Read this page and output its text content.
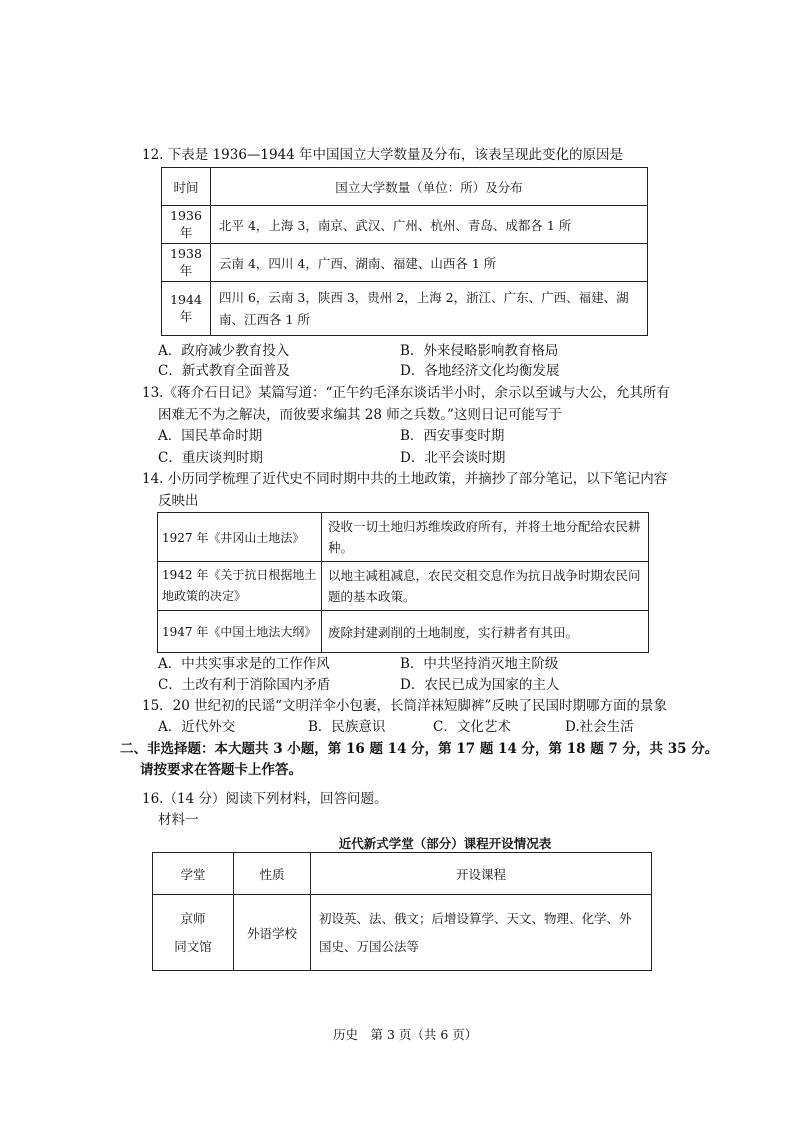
12. 下表是 1936—1944 年中国国立大学数量及分布，该表呈现此变化的原因是
时间	国立大学数量（单位：所）及分布
1936 年	北平 4，上海 3，南京、武汉、广州、杭州、青岛、成都各 1 所
1938 年	云南 4，四川 4，广西、湖南、福建、山西各 1 所
1944 年	四川 6，云南 3，陕西 3，贵州 2，上海 2，浙江、广东、广西、福建、湖南、江西各 1 所
A．政府减少教育投入	B．外来侵略影响教育格局
C．新式教育全面普及	D．各地经济文化均衡发展
13.《蒋介石日记》某篇写道：“正午约毛泽东谈话半小时，余示以至诚与大公，允其所有
困难无不为之解决，而彼要求编其 28 师之兵数。”这则日记可能写于
A．国民革命时期	B．西安事变时期
C．重庆谈判时期	D．北平会谈时期
14. 小历同学梳理了近代史不同时期中共的土地政策，并摘抄了部分笔记，以下笔记内容
反映出
1927 年《井冈山土地法》	没收一切土地归苏维埃政府所有，并将土地分配给农民耕种。
1942 年《关于抗日根据地土地政策的决定》	以地主减租减息，农民交租交息作为抗日战争时期农民问题的基本政策。
1947 年《中国土地法大纲》	废除封建剥削的土地制度，实行耕者有其田。
A．中共实事求是的工作作风	B．中共坚持消灭地主阶级
C．土改有利于消除国内矛盾	D．农民已成为国家的主人
15．20 世纪初的民谣“文明洋伞小包裹，长筒洋袜短脚裤”反映了民国时期哪方面的景象
A．近代外交	B．民族意识	C．文化艺术	D.社会生活
二、非选择题：本大题共 3 小题，第 16 题 14 分，第 17 题 14 分，第 18 题 7 分，共 35 分。
请按要求在答题卡上作答。
16.（14 分）阅读下列材料，回答问题。
材料一
近代新式学堂（部分）课程开设情况表
学堂	性质	开设课程

京师
同文馆	外语学校	初设英、法、俄文；后增设算学、天文、物理、化学、外国史、万国公法等
历史　第 3 页（共 6 页）
